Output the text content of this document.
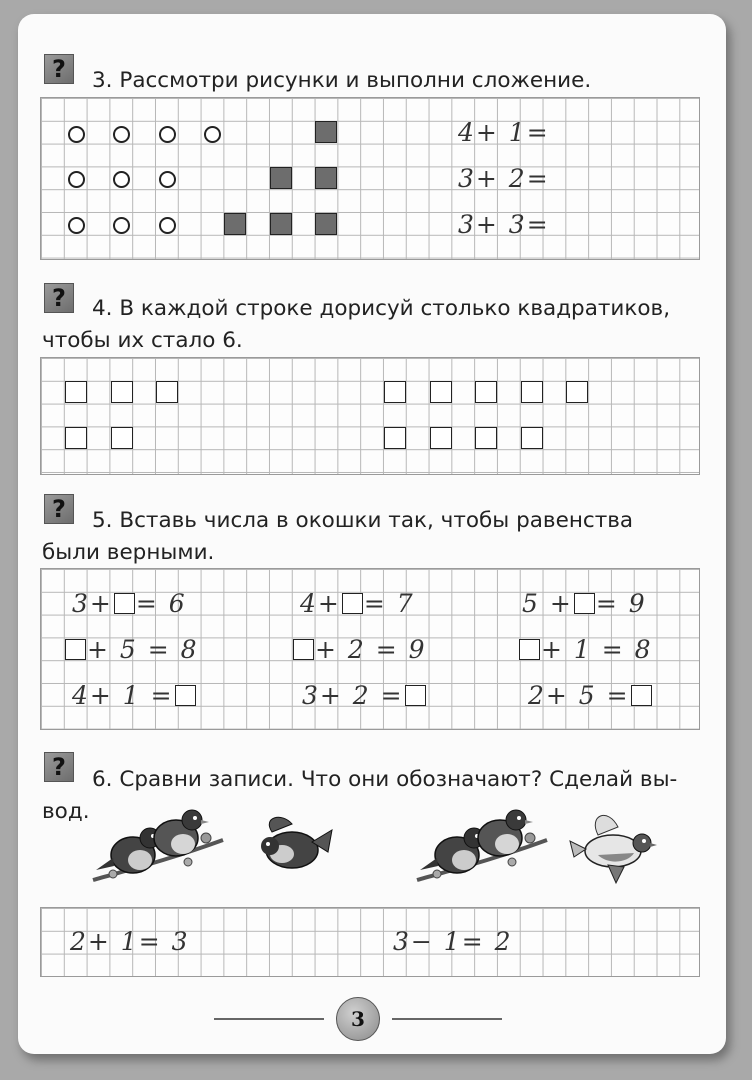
?	3. Рассмотри рисунки и выполни сложение.
4+ 1=
3+ 2=
3+ 3=
?	4. В каждой строке дорисуй столько квадратиков,
чтобы их стало 6.
?	5. Вставь числа в окошки так, чтобы равенства
были верными.
3+ = 6	4+ = 7	5 + = 9
+ 5 = 8	+ 2 = 9	+ 1 = 8
4+ 1 =	3+ 2 =	2+ 5 =
?	6. Сравни записи. Что они обозначают? Сделай вы-
вод.
2+ 1= 3	3− 1= 2
3
